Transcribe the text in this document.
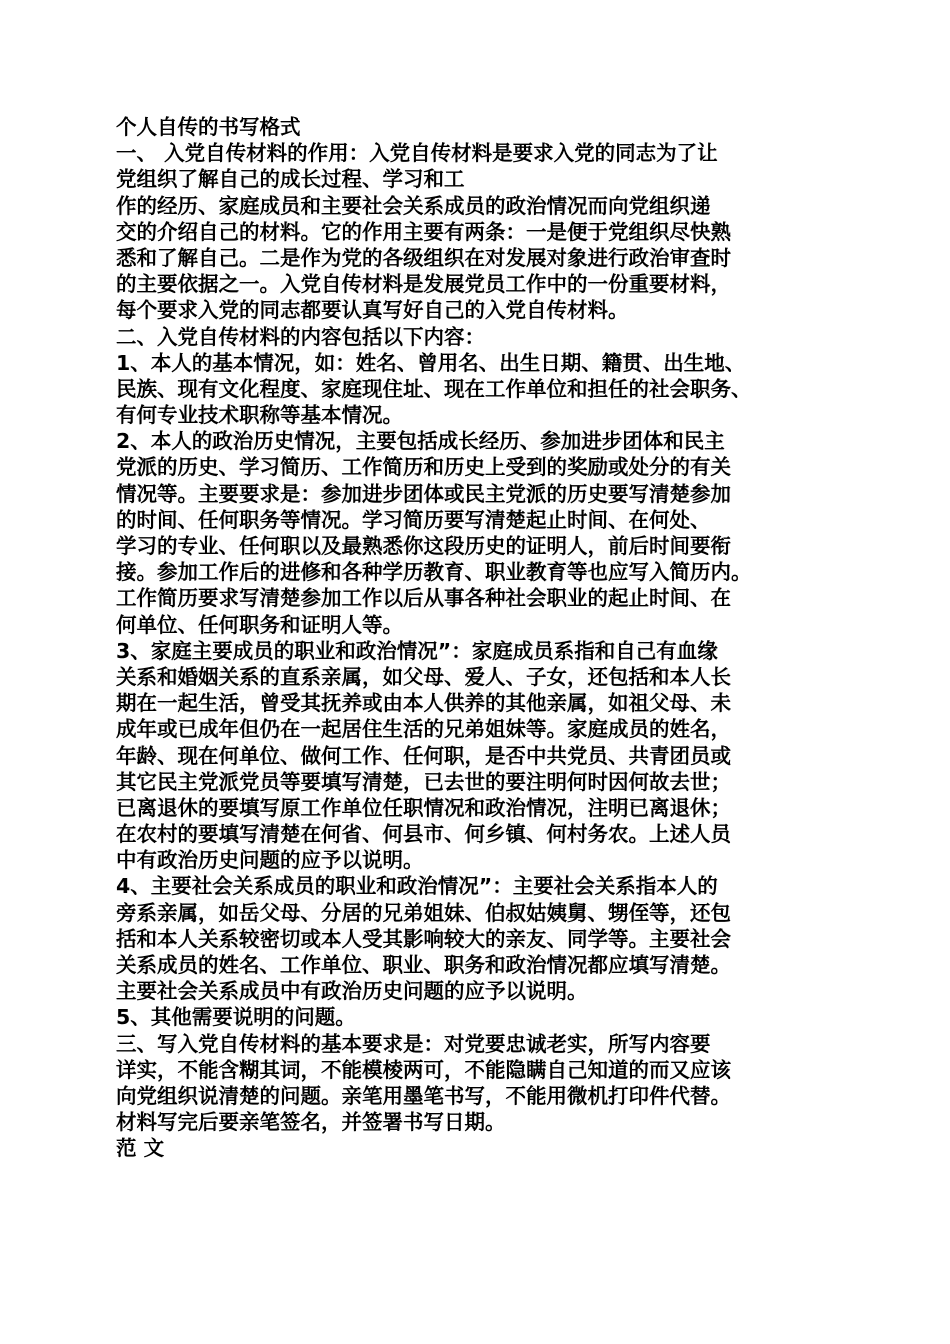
个人自传的书写格式
一、 入党自传材料的作用：入党自传材料是要求入党的同志为了让
党组织了解自己的成长过程、学习和工
作的经历、家庭成员和主要社会关系成员的政治情况而向党组织递
交的介绍自己的材料。它的作用主要有两条：一是便于党组织尽快熟
悉和了解自己。二是作为党的各级组织在对发展对象进行政治审查时
的主要依据之一。入党自传材料是发展党员工作中的一份重要材料，
每个要求入党的同志都要认真写好自己的入党自传材料。
二、入党自传材料的内容包括以下内容：
1、本人的基本情况，如：姓名、曾用名、出生日期、籍贯、出生地、
民族、现有文化程度、家庭现住址、现在工作单位和担任的社会职务、
有何专业技术职称等基本情况。
2、本人的政治历史情况，主要包括成长经历、参加进步团体和民主
党派的历史、学习简历、工作简历和历史上受到的奖励或处分的有关
情况等。主要要求是：参加进步团体或民主党派的历史要写清楚参加
的时间、任何职务等情况。学习简历要写清楚起止时间、在何处、
学习的专业、任何职以及最熟悉你这段历史的证明人，前后时间要衔
接。参加工作后的进修和各种学历教育、职业教育等也应写入简历内。
工作简历要求写清楚参加工作以后从事各种社会职业的起止时间、在
何单位、任何职务和证明人等。
3、家庭主要成员的职业和政治情况”：家庭成员系指和自己有血缘
关系和婚姻关系的直系亲属，如父母、爱人、子女，还包括和本人长
期在一起生活，曾受其抚养或由本人供养的其他亲属，如祖父母、未
成年或已成年但仍在一起居住生活的兄弟姐妹等。家庭成员的姓名，
年龄、现在何单位、做何工作、任何职，是否中共党员、共青团员或
其它民主党派党员等要填写清楚，已去世的要注明何时因何故去世；
已离退休的要填写原工作单位任职情况和政治情况，注明已离退休；
在农村的要填写清楚在何省、何县市、何乡镇、何村务农。上述人员
中有政治历史问题的应予以说明。
4、主要社会关系成员的职业和政治情况”：主要社会关系指本人的
旁系亲属，如岳父母、分居的兄弟姐妹、伯叔姑姨舅、甥侄等，还包
括和本人关系较密切或本人受其影响较大的亲友、同学等。主要社会
关系成员的姓名、工作单位、职业、职务和政治情况都应填写清楚。
主要社会关系成员中有政治历史问题的应予以说明。
5、其他需要说明的问题。
三、写入党自传材料的基本要求是：对党要忠诚老实，所写内容要
详实，不能含糊其词，不能模棱两可，不能隐瞒自己知道的而又应该
向党组织说清楚的问题。亲笔用墨笔书写，不能用微机打印件代替。
材料写完后要亲笔签名，并签署书写日期。
范 文
